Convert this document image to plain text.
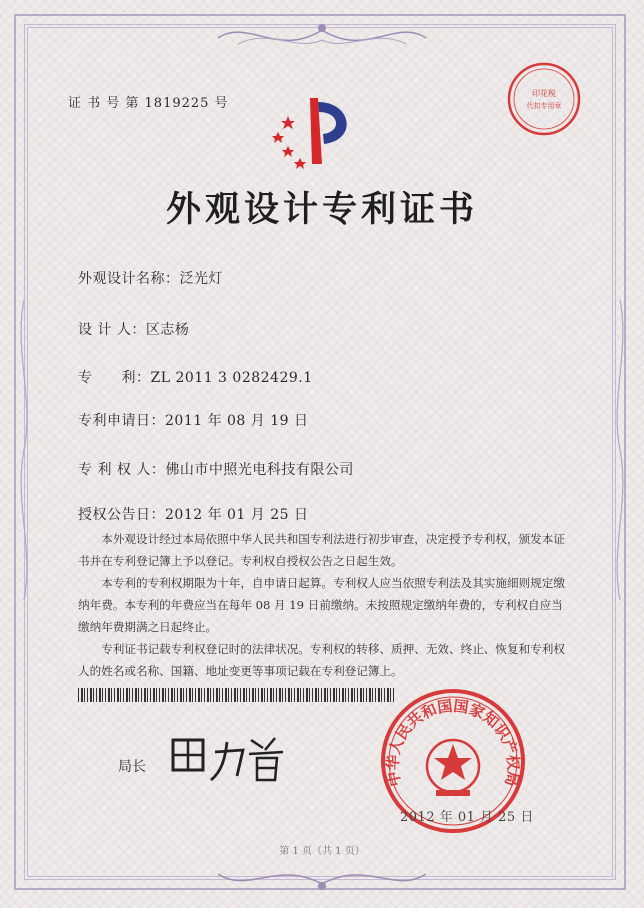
证 书 号 第 1819225 号
印花税
代扣专用章
外观设计专利证书
外观设计名称：泛光灯
设 计 人：区志杨
专　　利：ZL 2011 3 0282429.1
专利申请日：2011 年 08 月 19 日
专 利 权 人：佛山市中照光电科技有限公司
授权公告日：2012 年 01 月 25 日

本外观设计经过本局依照中华人民共和国专利法进行初步审查，决定授予专利权，颁发本证书并在专利登记簿上予以登记。专利权自授权公告之日起生效。

本专利的专利权期限为十年，自申请日起算。专利权人应当依照专利法及其实施细则规定缴纳年费。本专利的年费应当在每年 08 月 19 日前缴纳。未按照规定缴纳年费的，专利权自应当缴纳年费期满之日起终止。

专利证书记载专利权登记时的法律状况。专利权的转移、质押、无效、终止、恢复和专利权人的姓名或名称、国籍、地址变更等事项记载在专利登记簿上。

局长
中华人民共和国国家知识产权局
2012 年 01 月 25 日
第 1 页（共 1 页）
